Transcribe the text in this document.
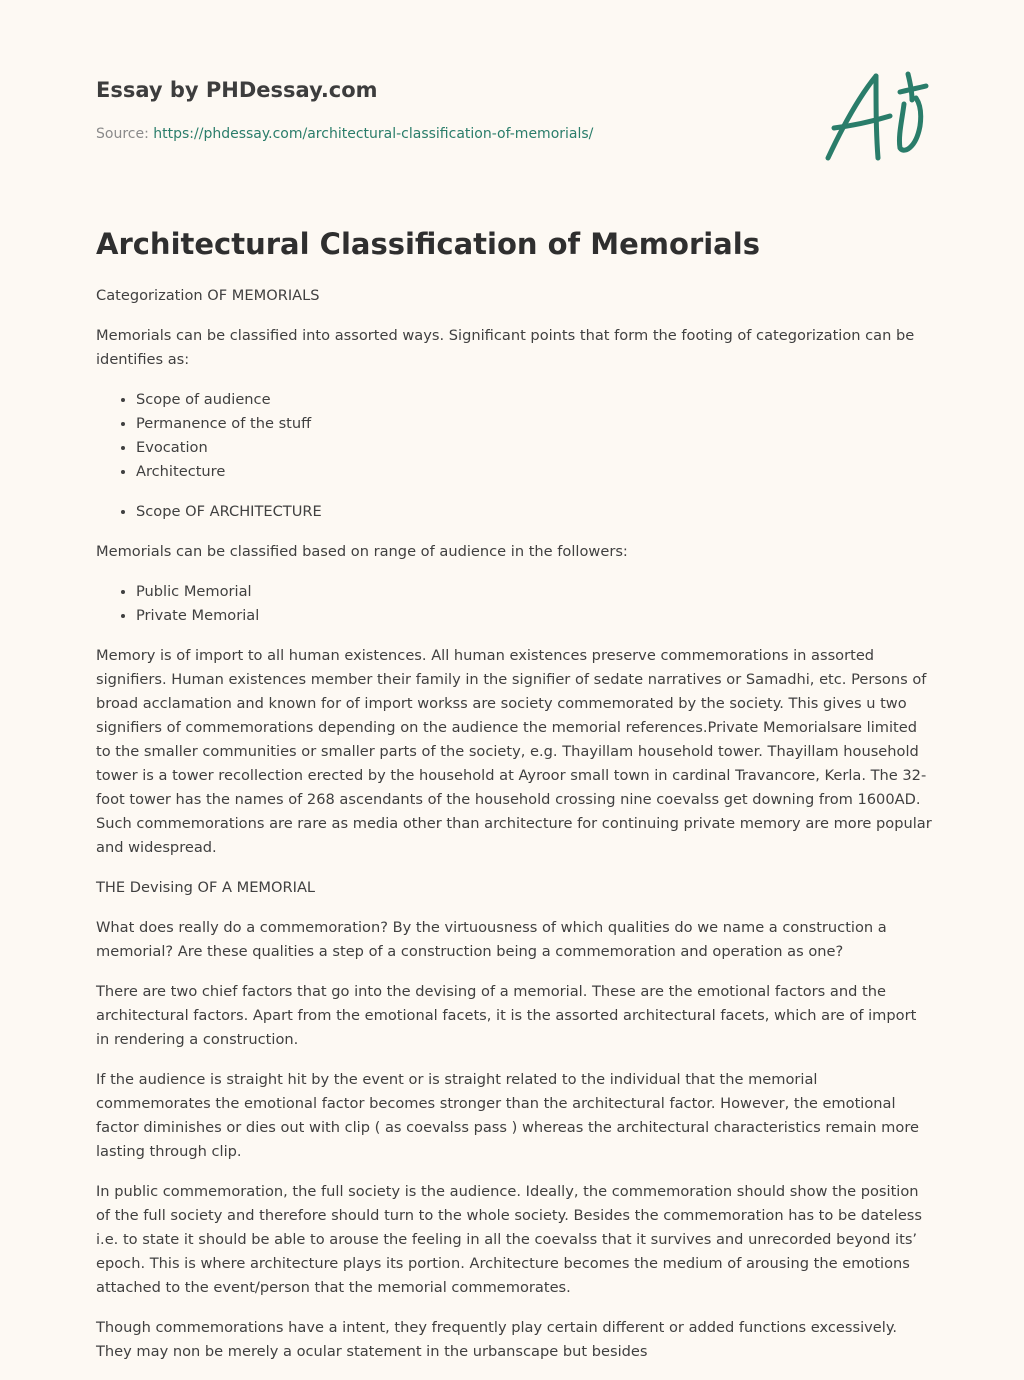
Essay by PHDessay.com
Source: https://phdessay.com/architectural-classification-of-memorials/
Architectural Classification of Memorials

Categorization OF MEMORIALS

Memorials can be classified into assorted ways. Significant points that form the footing of categorization can be identifies as:

• Scope of audience
• Permanence of the stuff
• Evocation
• Architecture
• Scope OF ARCHITECTURE

Memorials can be classified based on range of audience in the followers:

• Public Memorial
• Private Memorial

Memory is of import to all human existences. All human existences preserve commemorations in assorted signifiers. Human existences member their family in the signifier of sedate narratives or Samadhi, etc. Persons of broad acclamation and known for of import workss are society commemorated by the society. This gives u two signifiers of commemorations depending on the audience the memorial references.Private Memorialsare limited to the smaller communities or smaller parts of the society, e.g. Thayillam household tower. Thayillam household tower is a tower recollection erected by the household at Ayroor small town in cardinal Travancore, Kerla. The 32-foot tower has the names of 268 ascendants of the household crossing nine coevalss get downing from 1600AD. Such commemorations are rare as media other than architecture for continuing private memory are more popular and widespread.

THE Devising OF A MEMORIAL

What does really do a commemoration? By the virtuousness of which qualities do we name a construction a memorial? Are these qualities a step of a construction being a commemoration and operation as one?

There are two chief factors that go into the devising of a memorial. These are the emotional factors and the architectural factors. Apart from the emotional facets, it is the assorted architectural facets, which are of import in rendering a construction.

If the audience is straight hit by the event or is straight related to the individual that the memorial commemorates the emotional factor becomes stronger than the architectural factor. However, the emotional factor diminishes or dies out with clip ( as coevalss pass ) whereas the architectural characteristics remain more lasting through clip.

In public commemoration, the full society is the audience. Ideally, the commemoration should show the position of the full society and therefore should turn to the whole society. Besides the commemoration has to be dateless i.e. to state it should be able to arouse the feeling in all the coevalss that it survives and unrecorded beyond its’ epoch. This is where architecture plays its portion. Architecture becomes the medium of arousing the emotions attached to the event/person that the memorial commemorates.

Though commemorations have a intent, they frequently play certain different or added functions excessively. They may non be merely a ocular statement in the urbanscape but besides
